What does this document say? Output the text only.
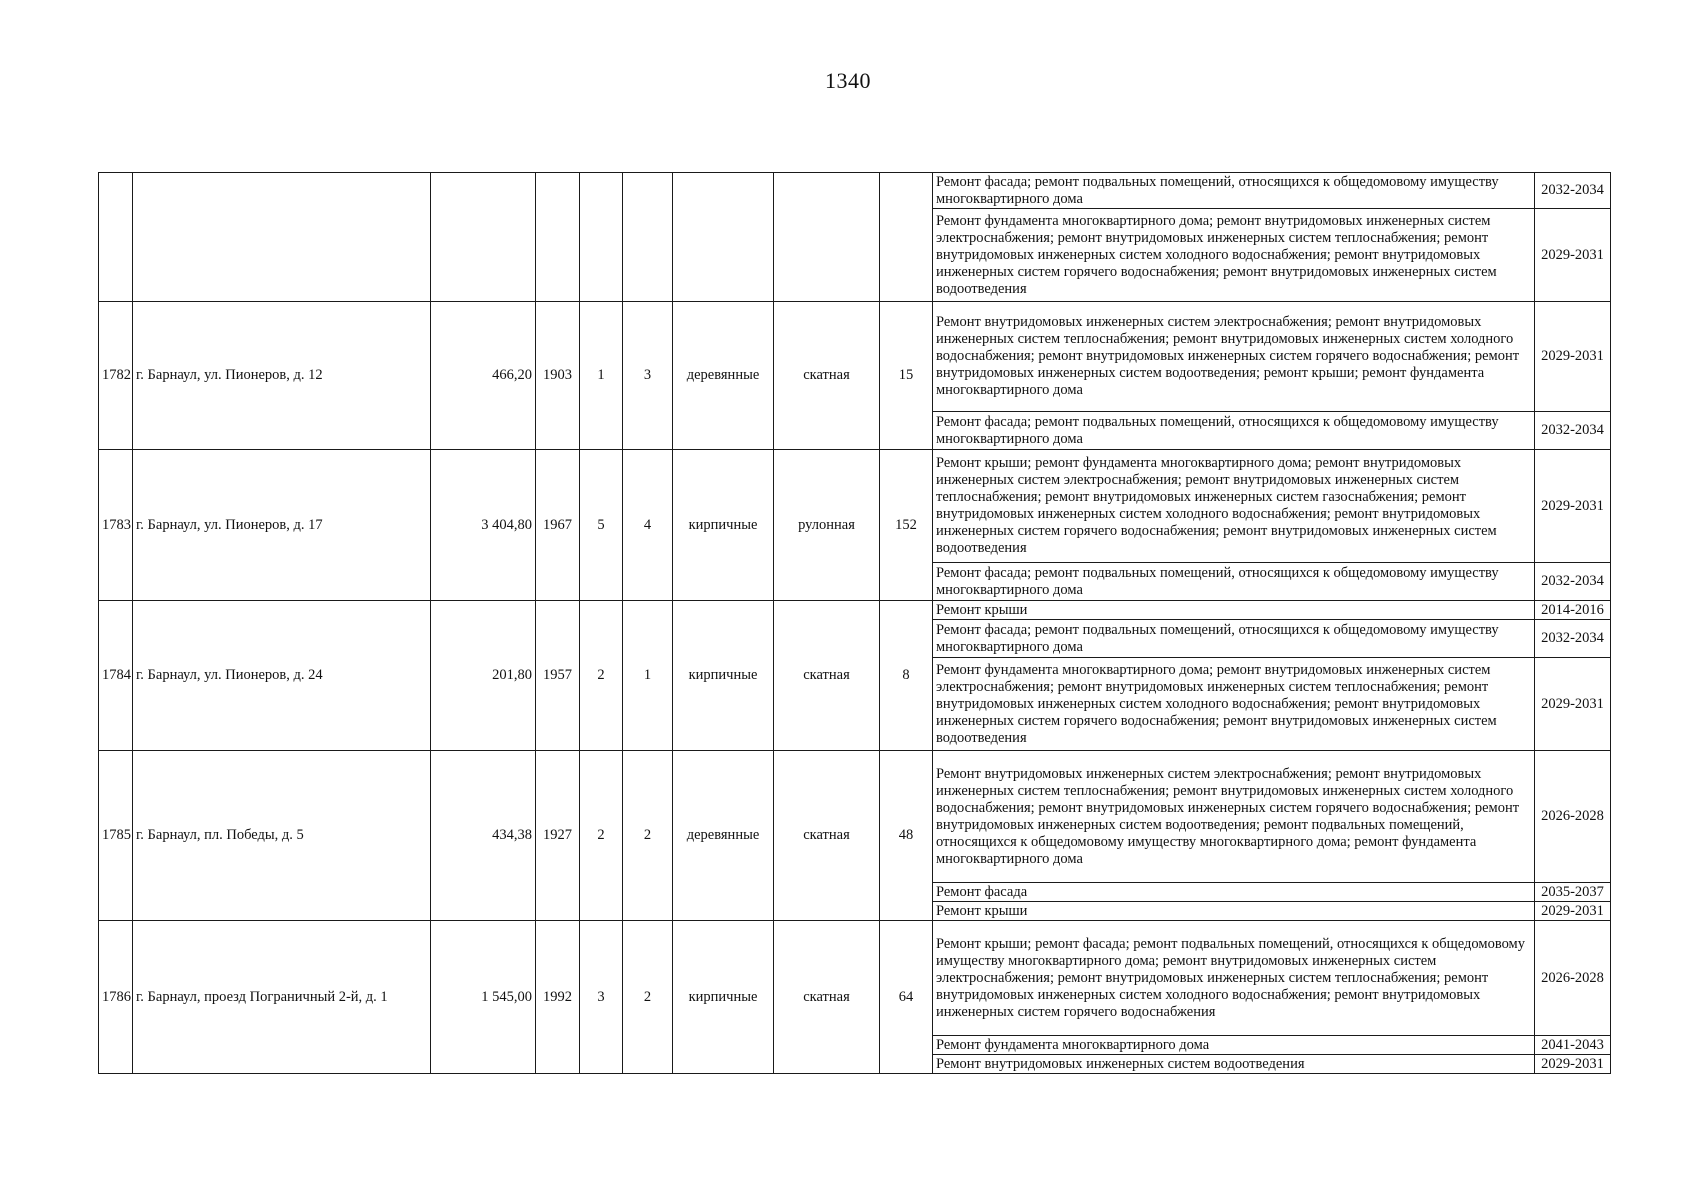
1340
									Ремонт фасада; ремонт подвальных помещений, относящихся к общедомовому имуществу многоквартирного дома	2032-2034
									Ремонт фундамента многоквартирного дома; ремонт внутридомовых инженерных систем электроснабжения; ремонт внутридомовых инженерных систем теплоснабжения; ремонт внутридомовых инженерных систем холодного водоснабжения; ремонт внутридомовых инженерных систем горячего водоснабжения; ремонт внутридомовых инженерных систем водоотведения	2029-2031
1782	г. Барнаул, ул. Пионеров, д. 12	466,20	1903	1	3	деревянные	скатная	15	Ремонт внутридомовых инженерных систем электроснабжения; ремонт внутридомовых инженерных систем теплоснабжения; ремонт внутридомовых инженерных систем холодного водоснабжения; ремонт внутридомовых инженерных систем горячего водоснабжения; ремонт внутридомовых инженерных систем водоотведения; ремонт крыши; ремонт фундамента многоквартирного дома	2029-2031
									Ремонт фасада; ремонт подвальных помещений, относящихся к общедомовому имуществу многоквартирного дома	2032-2034
1783	г. Барнаул, ул. Пионеров, д. 17	3 404,80	1967	5	4	кирпичные	рулонная	152	Ремонт крыши; ремонт фундамента многоквартирного дома; ремонт внутридомовых инженерных систем электроснабжения; ремонт внутридомовых инженерных систем теплоснабжения; ремонт внутридомовых инженерных систем газоснабжения; ремонт внутридомовых инженерных систем холодного водоснабжения; ремонт внутридомовых инженерных систем горячего водоснабжения; ремонт внутридомовых инженерных систем водоотведения	2029-2031
									Ремонт фасада; ремонт подвальных помещений, относящихся к общедомовому имуществу многоквартирного дома	2032-2034
1784	г. Барнаул, ул. Пионеров, д. 24	201,80	1957	2	1	кирпичные	скатная	8	Ремонт крыши	2014-2016
									Ремонт фасада; ремонт подвальных помещений, относящихся к общедомовому имуществу многоквартирного дома	2032-2034
									Ремонт фундамента многоквартирного дома; ремонт внутридомовых инженерных систем электроснабжения; ремонт внутридомовых инженерных систем теплоснабжения; ремонт внутридомовых инженерных систем холодного водоснабжения; ремонт внутридомовых инженерных систем горячего водоснабжения; ремонт внутридомовых инженерных систем водоотведения	2029-2031
1785	г. Барнаул, пл. Победы, д. 5	434,38	1927	2	2	деревянные	скатная	48	Ремонт внутридомовых инженерных систем электроснабжения; ремонт внутридомовых инженерных систем теплоснабжения; ремонт внутридомовых инженерных систем холодного водоснабжения; ремонт внутридомовых инженерных систем горячего водоснабжения; ремонт внутридомовых инженерных систем водоотведения; ремонт подвальных помещений, относящихся к общедомовому имуществу многоквартирного дома; ремонт фундамента многоквартирного дома	2026-2028
									Ремонт фасада	2035-2037
									Ремонт крыши	2029-2031
1786	г. Барнаул, проезд Пограничный 2-й, д. 1	1 545,00	1992	3	2	кирпичные	скатная	64	Ремонт крыши; ремонт фасада; ремонт подвальных помещений, относящихся к общедомовому имуществу многоквартирного дома; ремонт внутридомовых инженерных систем электроснабжения; ремонт внутридомовых инженерных систем теплоснабжения; ремонт внутридомовых инженерных систем холодного водоснабжения; ремонт внутридомовых инженерных систем горячего водоснабжения	2026-2028
									Ремонт фундамента многоквартирного дома	2041-2043
									Ремонт внутридомовых инженерных систем водоотведения	2029-2031
